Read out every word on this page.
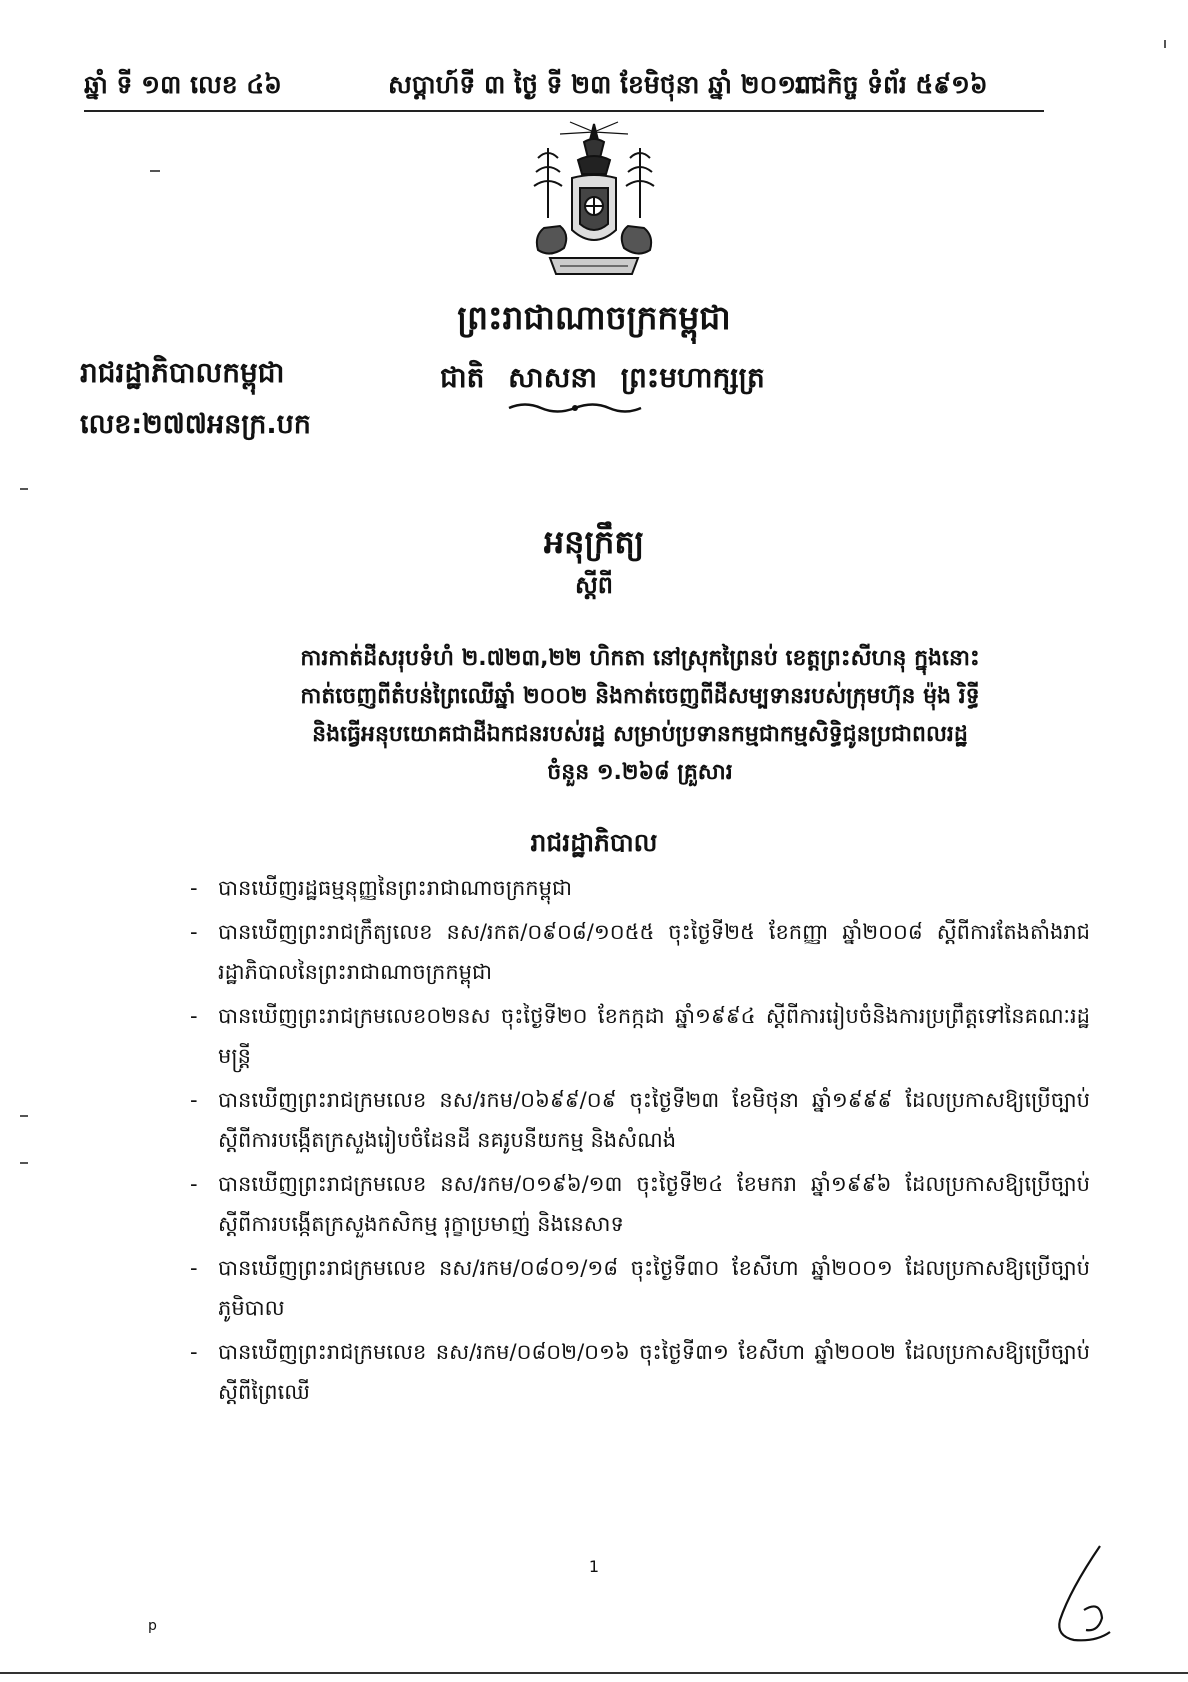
ឆ្នាំ ទី ១៣ លេខ ៤៦	សប្តាហ៍ទី ៣ ថ្ងៃ ទី ២៣ ខែមិថុនា ឆ្នាំ ២០១៣
រាជកិច្ច ទំព័រ ៥៩១៦
ព្រះរាជាណាចក្រកម្ពុជា
ជាតិ សាសនា ព្រះមហាក្សត្រ
រាជរដ្ឋាភិបាលកម្ពុជា
លេខ:២៧៧អនក្រ.បក
អនុក្រឹត្យ
ស្តីពី
ការកាត់ដីសរុបទំហំ ២.៧២៣,២២ ហិកតា នៅស្រុកព្រៃនប់ ខេត្តព្រះសីហនុ ក្នុងនោះ
កាត់ចេញពីតំបន់ព្រៃឈើឆ្នាំ ២០០២ និងកាត់ចេញពីដីសម្បទានរបស់ក្រុមហ៊ុន ម៉ុង រិទ្ធី
និងធ្វើអនុបយោគជាដីឯកជនរបស់រដ្ឋ សម្រាប់ប្រទានកម្មជាកម្មសិទ្ធិជូនប្រជាពលរដ្ឋ
ចំនួន ១.២៦៨ គ្រួសារ
រាជរដ្ឋាភិបាល
- បានឃើញរដ្ឋធម្មនុញ្ញនៃព្រះរាជាណាចក្រកម្ពុជា
- បានឃើញព្រះរាជក្រឹត្យលេខ នស/រកត/០៩០៨/១០៥៥ ចុះថ្ងៃទី២៥ ខែកញ្ញា ឆ្នាំ២០០៨ ស្តីពីការតែងតាំងរាជរដ្ឋាភិបាលនៃព្រះរាជាណាចក្រកម្ពុជា
- បានឃើញព្រះរាជក្រមលេខ០២នស ចុះថ្ងៃទី២០ ខែកក្កដា ឆ្នាំ១៩៩៤ ស្តីពីការរៀបចំនិងការប្រព្រឹត្តទៅនៃគណៈរដ្ឋមន្ត្រី
- បានឃើញព្រះរាជក្រមលេខ នស/រកម/០៦៩៩/០៩ ចុះថ្ងៃទី២៣ ខែមិថុនា ឆ្នាំ១៩៩៩ ដែលប្រកាសឱ្យប្រើច្បាប់ស្តីពីការបង្កើតក្រសួងរៀបចំដែនដី នគរូបនីយកម្ម និងសំណង់
- បានឃើញព្រះរាជក្រមលេខ នស/រកម/០១៩៦/១៣ ចុះថ្ងៃទី២៤ ខែមករា ឆ្នាំ១៩៩៦ ដែលប្រកាសឱ្យប្រើច្បាប់ ស្តីពីការបង្កើតក្រសួងកសិកម្ម រុក្ខាប្រមាញ់ និងនេសាទ
- បានឃើញព្រះរាជក្រមលេខ នស/រកម/០៨០១/១៨ ចុះថ្ងៃទី៣០ ខែសីហា ឆ្នាំ២០០១ ដែលប្រកាសឱ្យប្រើច្បាប់ភូមិបាល
- បានឃើញព្រះរាជក្រមលេខ នស/រកម/០៨០២/០១៦ ចុះថ្ងៃទី៣១ ខែសីហា ឆ្នាំ២០០២ ដែលប្រកាសឱ្យប្រើច្បាប់ស្តីពីព្រៃឈើ
1
p
